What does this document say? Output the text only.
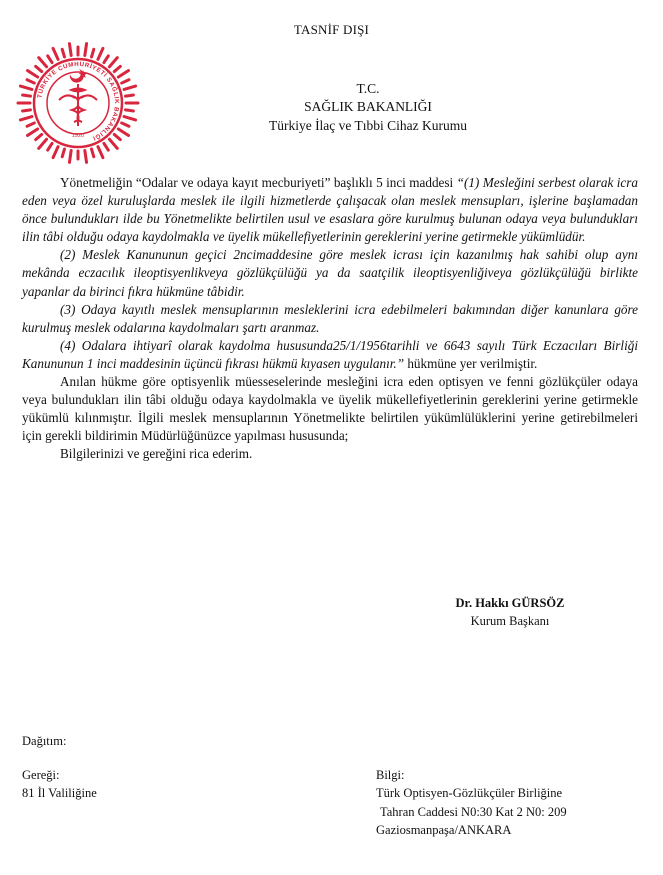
TASNİF DIŞI
TÜRKİYE CUMHURİYETİ SAĞLIK BAKANLIĞI
1920
T.C.
SAĞLIK BAKANLIĞI
Türkiye İlaç ve Tıbbi Cihaz Kurumu

Yönetmeliğin “Odalar ve odaya kayıt mecburiyeti” başlıklı 5 inci maddesi “(1) Mesleğini serbest olarak icra eden veya özel kuruluşlarda meslek ile ilgili hizmetlerde çalışacak olan meslek mensupları, işlerine başlamadan önce bulundukları ilde bu Yönetmelikte belirtilen usul ve esaslara göre kurulmuş bulunan odaya veya bulundukları ilin tâbi olduğu odaya kaydolmakla ve üyelik mükellefiyetlerinin gereklerini yerine getirmekle yükümlüdür.

(2) Meslek Kanununun geçici 2ncimaddesine göre meslek icrası için kazanılmış hak sahibi olup aynı mekânda eczacılık ileoptisyenlikveya gözlükçülüğü ya da saatçilik ileoptisyenliğiveya gözlükçülüğü birlikte yapanlar da birinci fıkra hükmüne tâbidir.

(3) Odaya kayıtlı meslek mensuplarının mesleklerini icra edebilmeleri bakımından diğer kanunlara göre kurulmuş meslek odalarına kaydolmaları şartı aranmaz.

(4) Odalara ihtiyarî olarak kaydolma hususunda25/1/1956tarihli ve 6643 sayılı Türk Eczacıları Birliği Kanununun 1 inci maddesinin üçüncü fıkrası hükmü kıyasen uygulanır.” hükmüne yer verilmiştir.

Anılan hükme göre optisyenlik müesseselerinde mesleğini icra eden optisyen ve fenni gözlükçüler odaya veya bulundukları ilin tâbi olduğu odaya kaydolmakla ve üyelik mükellefiyetlerinin gereklerini yerine getirmekle yükümlü kılınmıştır. İlgili meslek mensuplarının Yönetmelikte belirtilen yükümlülüklerini yerine getirebilmeleri için gerekli bildirimin Müdürlüğünüzce yapılması hususunda;

Bilgilerinizi ve gereğini rica ederim.

Dr. Hakkı GÜRSÖZ
Kurum Başkanı
Dağıtım:
Gereği:
81 İl Valiliğine
Bilgi:
Türk Optisyen-Gözlükçüler Birliğine
Tahran Caddesi N0:30 Kat 2 N0: 209
Gaziosmanpaşa/ANKARA
